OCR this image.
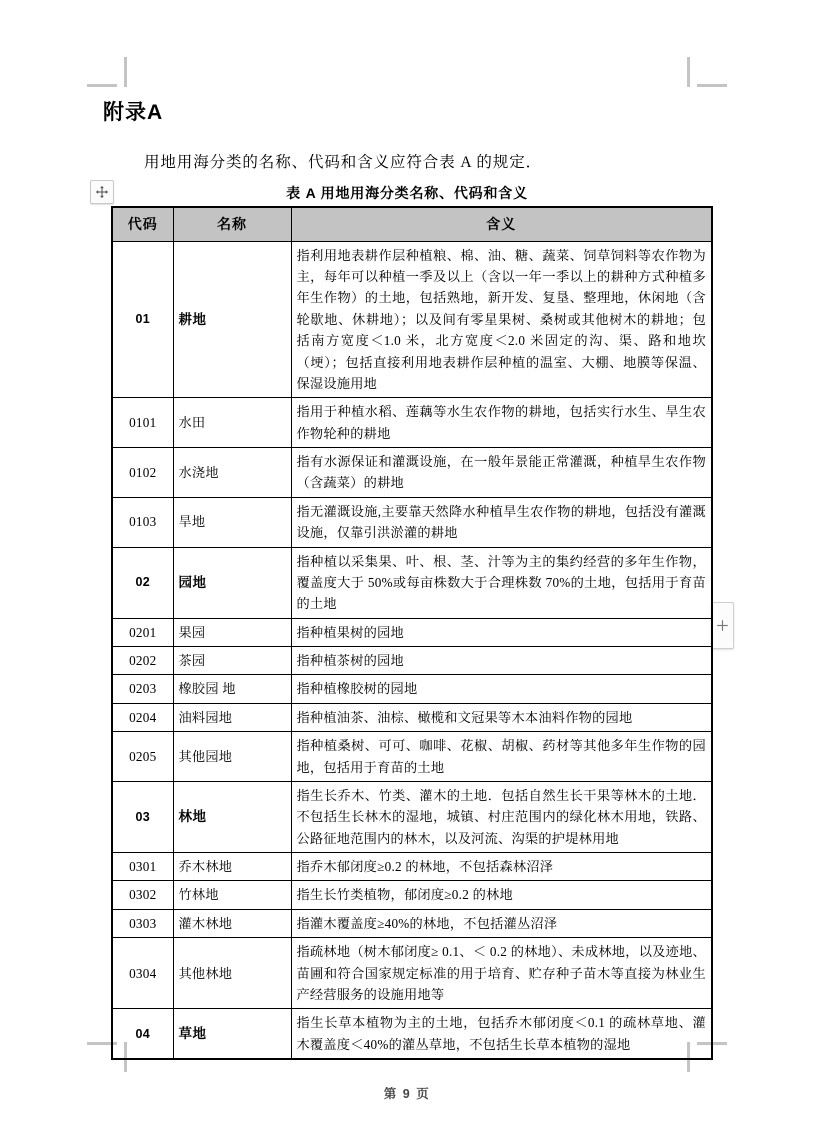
附录A
用地用海分类的名称、代码和含义应符合表 A 的规定．
表 A 用地用海分类名称、代码和含义
代码	名称	含义
01	耕地	指利用地表耕作层种植粮、棉、油、糖、蔬菜、饲草饲料等农作物为主，每年可以种植一季及以上（含以一年一季以上的耕种方式种植多年生作物）的土地，包括熟地，新开发、复垦、整理地，休闲地（含轮歇地、休耕地）；以及间有零星果树、桑树或其他树木的耕地；包括南方宽度＜1.0 米，北方宽度＜2.0 米固定的沟、渠、路和地坎（埂）；包括直接利用地表耕作层种植的温室、大棚、地膜等保温、保湿设施用地
0101	水田	指用于种植水稻、莲藕等水生农作物的耕地，包括实行水生、旱生农作物轮种的耕地
0102	水浇地	指有水源保证和灌溉设施，在一般年景能正常灌溉，种植旱生农作物（含蔬菜）的耕地
0103	旱地	指无灌溉设施,主要靠天然降水种植旱生农作物的耕地，包括没有灌溉设施，仅靠引洪淤灌的耕地
02	园地	指种植以采集果、叶、根、茎、汁等为主的集约经营的多年生作物，覆盖度大于 50%或每亩株数大于合理株数 70%的土地，包括用于育苗的土地
0201	果园	指种植果树的园地
0202	茶园	指种植茶树的园地
0203	橡胶园 地	指种植橡胶树的园地
0204	油料园地	指种植油茶、油棕、橄榄和文冠果等木本油料作物的园地
0205	其他园地	指种植桑树、可可、咖啡、花椒、胡椒、药材等其他多年生作物的园地，包括用于育苗的土地
03	林地	指生长乔木、竹类、灌木的土地．包括自然生长干果等林木的土地．不包括生长林木的湿地，城镇、村庄范围内的绿化林木用地，铁路、公路征地范围内的林木，以及河流、沟渠的护堤林用地
0301	乔木林地	指乔木郁闭度≥0.2 的林地，不包括森林沼泽
0302	竹林地	指生长竹类植物，郁闭度≥0.2 的林地
0303	灌木林地	指灌木覆盖度≥40%的林地，不包括灌丛沼泽
0304	其他林地	指疏林地（树木郁闭度≥ 0.1、＜ 0.2 的林地）、未成林地，以及迹地、苗圃和符合国家规定标准的用于培育、贮存种子苗木等直接为林业生产经营服务的设施用地等
04	草地	指生长草本植物为主的土地，包括乔木郁闭度＜0.1 的疏林草地、灌木覆盖度＜40%的灌丛草地，不包括生长草本植物的湿地
第 9 页
